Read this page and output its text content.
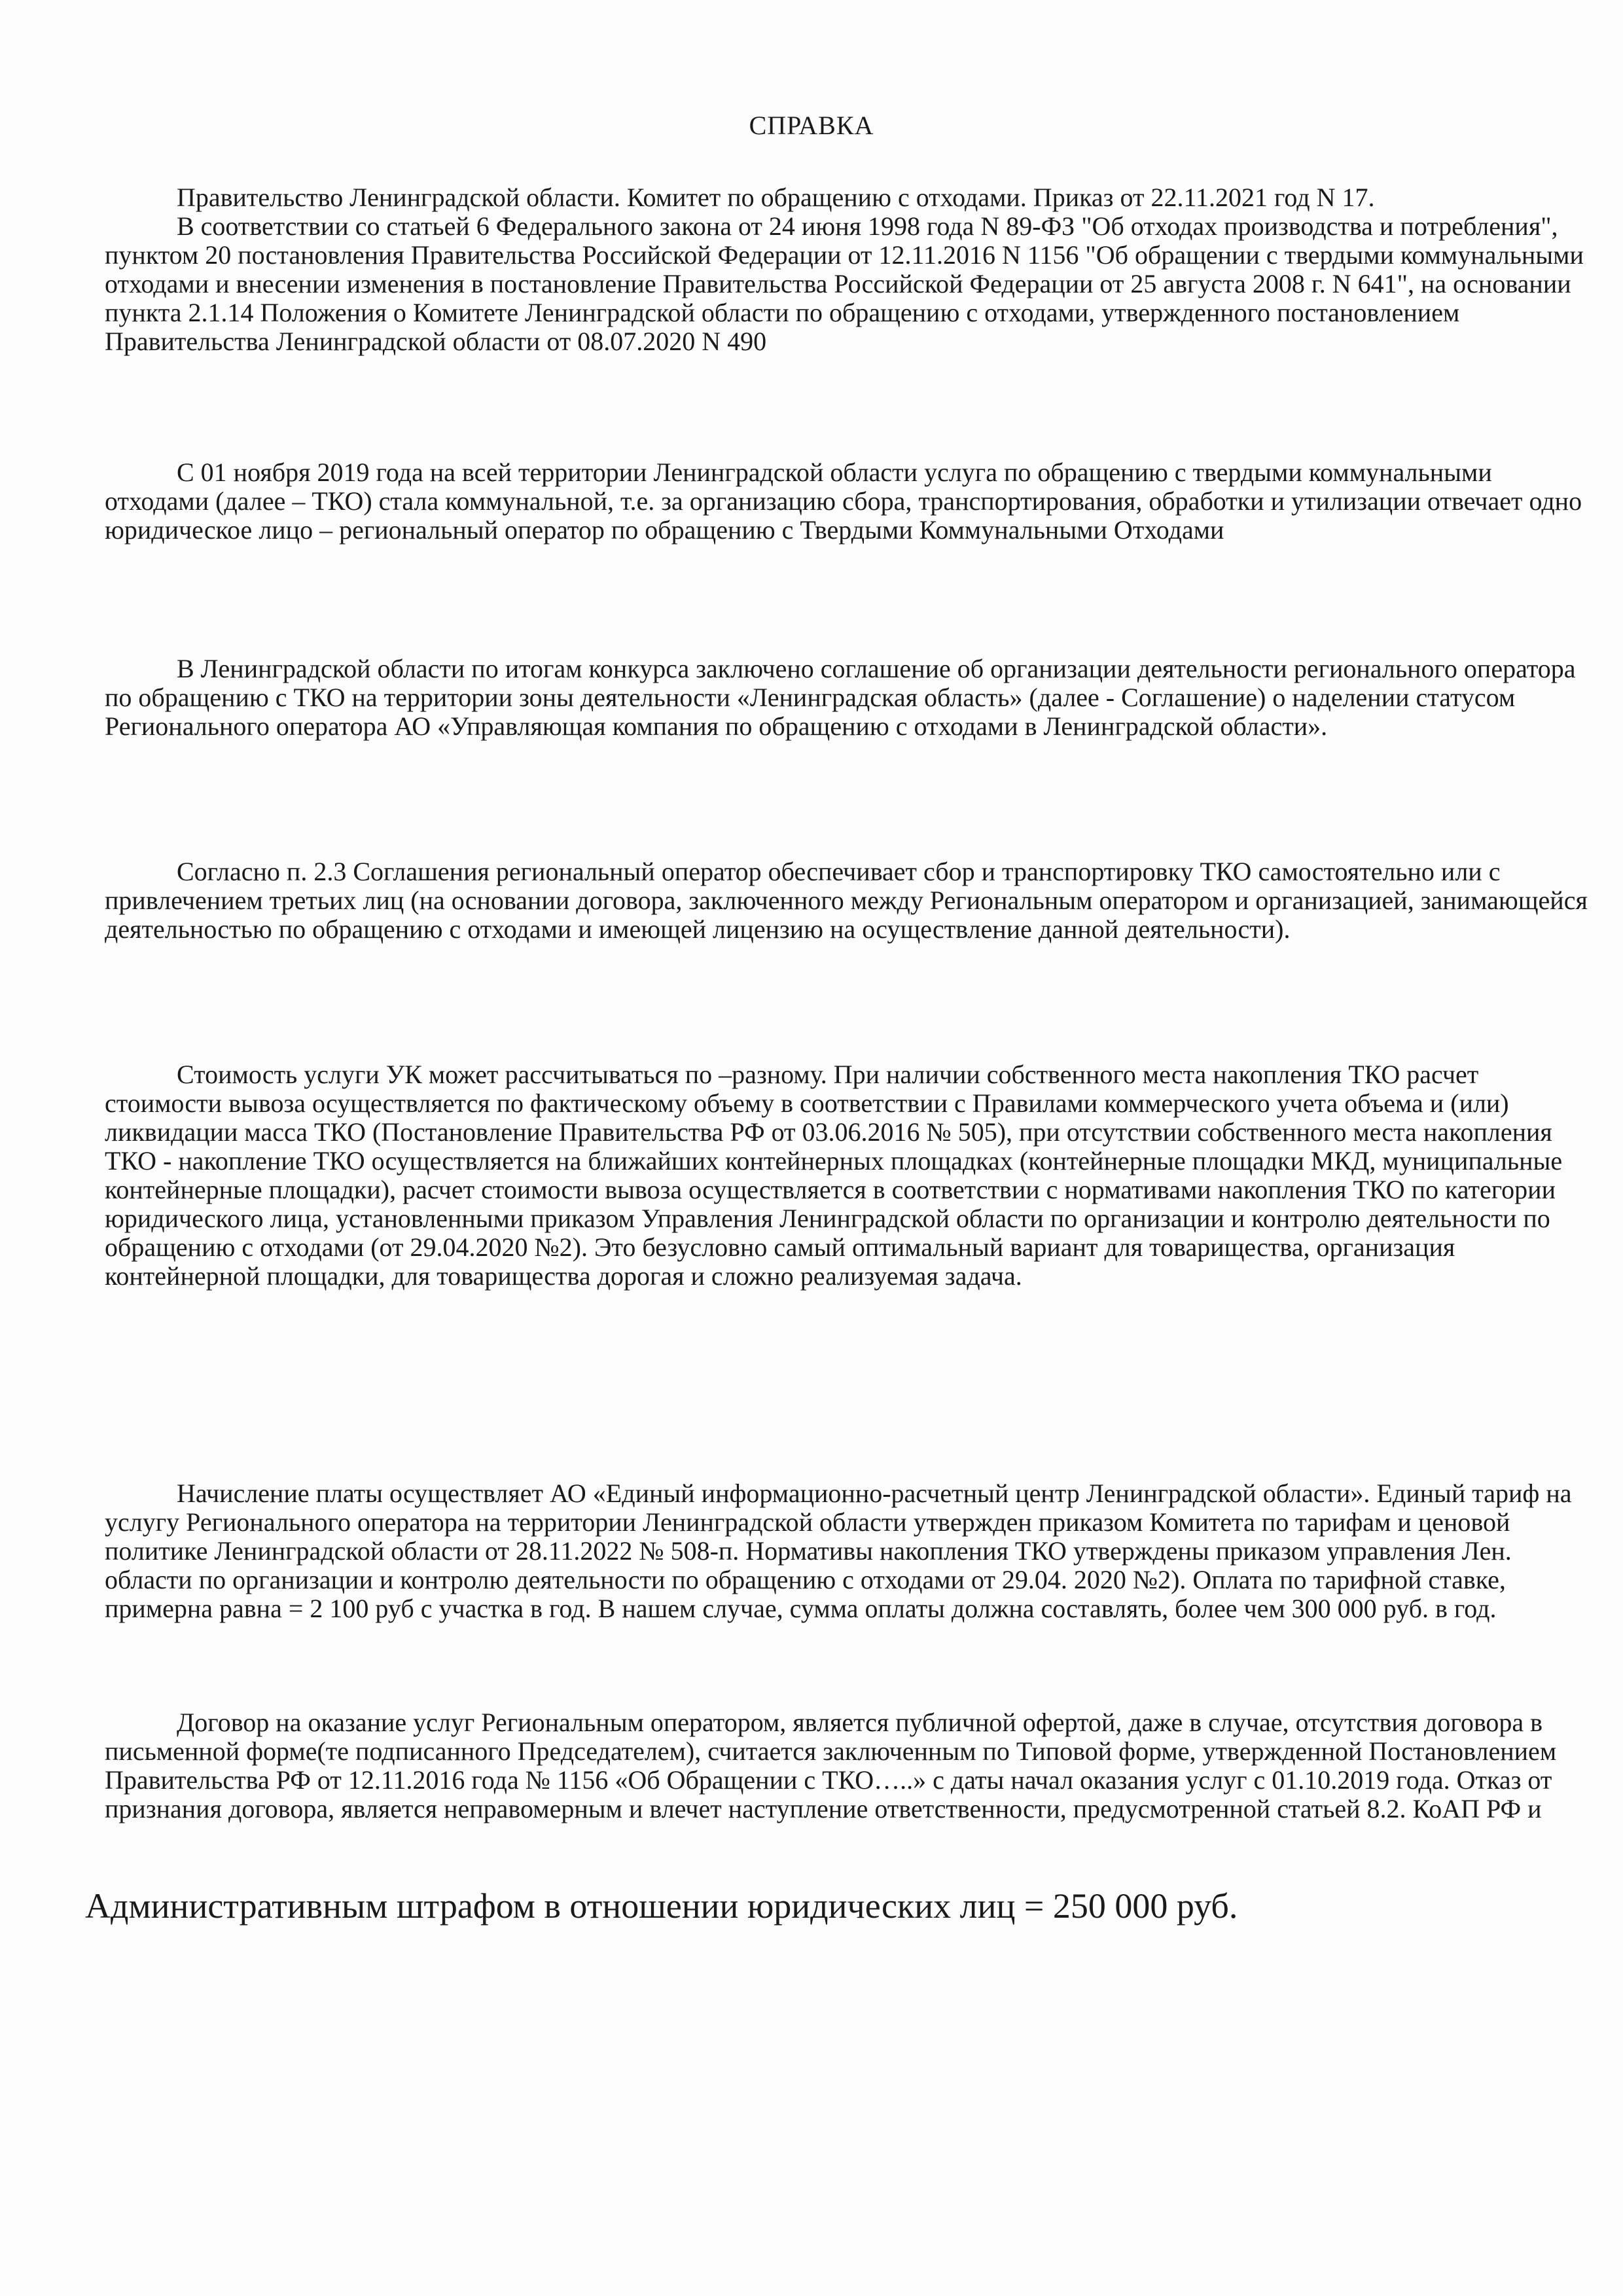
СПРАВКА
Правительство Ленинградской области. Комитет по обращению с отходами. Приказ от 22.11.2021 год N 17.
В соответствии со статьей 6 Федерального закона от 24 июня 1998 года N 89-ФЗ "Об отходах производства и потребления", пунктом 20 постановления Правительства Российской Федерации от 12.11.2016 N 1156 "Об обращении с твердыми коммунальными отходами и внесении изменения в постановление Правительства Российской Федерации от 25 августа 2008 г. N 641", на основании пункта 2.1.14 Положения о Комитете Ленинградской области по обращению с отходами, утвержденного постановлением Правительства Ленинградской области от 08.07.2020 N 490
С 01 ноября 2019 года на всей территории Ленинградской области услуга по обращению с твердыми коммунальными отходами (далее – ТКО) стала коммунальной, т.е. за организацию сбора, транспортирования, обработки и утилизации отвечает одно юридическое лицо – региональный оператор по обращению с Твердыми Коммунальными Отходами
В Ленинградской области по итогам конкурса заключено соглашение об организации деятельности регионального оператора по обращению с ТКО на территории зоны деятельности «Ленинградская область» (далее - Соглашение) о наделении статусом Регионального оператора АО «Управляющая компания по обращению с отходами в Ленинградской области».
Согласно п. 2.3 Соглашения региональный оператор обеспечивает сбор и транспортировку ТКО самостоятельно или с привлечением третьих лиц (на основании договора, заключенного между Региональным оператором и организацией, занимающейся деятельностью по обращению с отходами и имеющей лицензию на осуществление данной деятельности).
Стоимость услуги УК может рассчитываться по –разному. При наличии собственного места накопления ТКО расчет стоимости вывоза осуществляется по фактическому объему в соответствии с Правилами коммерческого учета объема и (или) ликвидации масса ТКО (Постановление Правительства РФ от 03.06.2016 № 505), при отсутствии собственного места накопления ТКО - накопление ТКО осуществляется на ближайших контейнерных площадках (контейнерные площадки МКД, муниципальные контейнерные площадки), расчет стоимости вывоза осуществляется в соответствии с нормативами накопления ТКО по категории юридического лица, установленными приказом Управления Ленинградской области по организации и контролю деятельности по обращению с отходами (от 29.04.2020 №2). Это безусловно самый оптимальный вариант для товарищества, организация контейнерной площадки, для товарищества дорогая и сложно реализуемая задача.
Начисление платы осуществляет АО «Единый информационно-расчетный центр Ленинградской области». Единый тариф на услугу Регионального оператора на территории Ленинградской области утвержден приказом Комитета по тарифам и ценовой политике Ленинградской области от 28.11.2022 № 508-п. Нормативы накопления ТКО утверждены приказом управления Лен. области по организации и контролю деятельности по обращению с отходами от 29.04. 2020 №2). Оплата по тарифной ставке, примерна равна = 2 100 руб с участка в год. В нашем случае, сумма оплаты должна составлять, более чем 300 000 руб. в год.
Договор на оказание услуг Региональным оператором, является публичной офертой, даже в случае, отсутствия договора в письменной форме(те подписанного Председателем), считается заключенным по Типовой форме, утвержденной Постановлением Правительства РФ от 12.11.2016 года № 1156 «Об Обращении с ТКО…..» с даты начал оказания услуг с 01.10.2019 года. Отказ от признания договора, является неправомерным и влечет наступление ответственности, предусмотренной статьей 8.2. КоАП РФ и
Административным штрафом в отношении юридических лиц = 250 000 руб.
